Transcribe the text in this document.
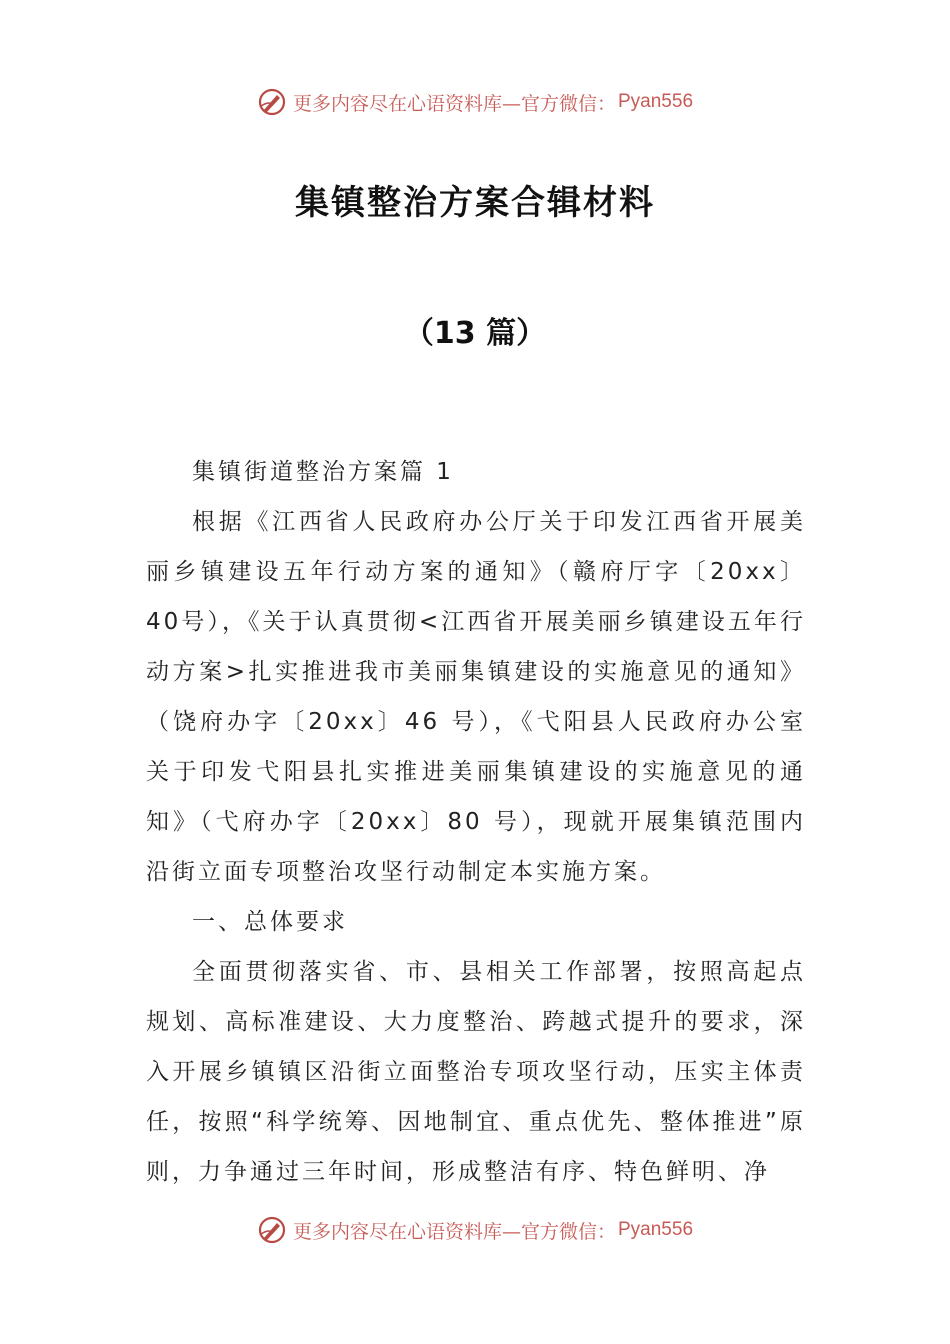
更多内容尽在心语资料库—官方微信： Pyan556
集镇整治方案合辑材料
（13 篇）

集镇街道整治方案篇 1

根据《江西省人民政府办公厅关于印发江西省开展美丽乡镇建设五年行动方案的通知》（赣府厅字〔20xx〕40号），《关于认真贯彻<江西省开展美丽乡镇建设五年行动方案>扎实推进我市美丽集镇建设的实施意见的通知》（饶府办字〔20xx〕46 号），《弋阳县人民政府办公室关于印发弋阳县扎实推进美丽集镇建设的实施意见的通知》（弋府办字〔20xx〕80 号），现就开展集镇范围内沿街立面专项整治攻坚行动制定本实施方案。

一、总体要求

全面贯彻落实省、市、县相关工作部署，按照高起点规划、高标准建设、大力度整治、跨越式提升的要求，深入开展乡镇镇区沿街立面整治专项攻坚行动，压实主体责任，按照“科学统筹、因地制宜、重点优先、整体推进”原则，力争通过三年时间，形成整洁有序、特色鲜明、净

更多内容尽在心语资料库—官方微信： Pyan556
